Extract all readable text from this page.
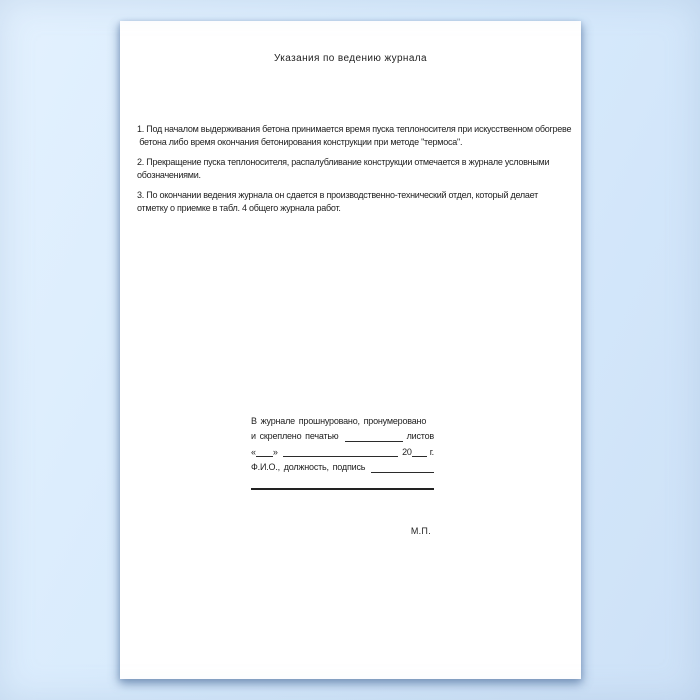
Указания по ведению журнала

1. Под началом выдерживания бетона принимается время пуска теплоносителя при искусственном обогреве
бетона либо время окончания бетонирования конструкции при методе "термоса".

2. Прекращение пуска теплоносителя, распалубливание конструкции отмечается в журнале условными
обозначениями.

3. По окончании ведения журнала он сдается в производственно-технический отдел, который делает
отметку о приемке в табл. 4 общего журнала работ.

В журнале прошнуровано, пронумеровано
и скреплено печатью	листов
« »	20 г.
Ф.И.О., должность, подпись
М.П.
